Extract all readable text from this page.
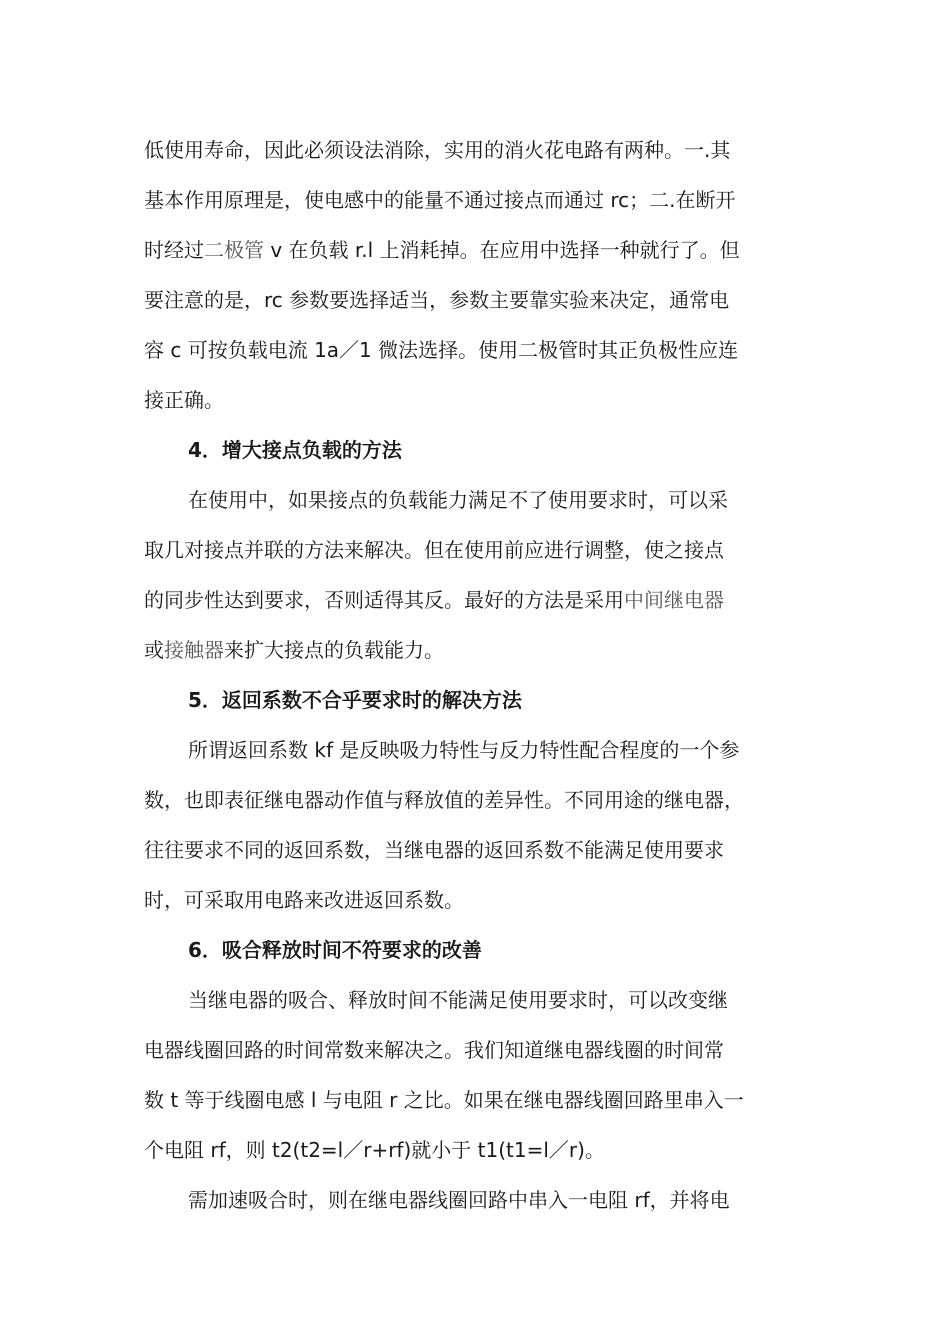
低使用寿命，因此必须设法消除，实用的消火花电路有两种。一.其
基本作用原理是，使电感中的能量不通过接点而通过 rc；二.在断开
时经过二极管 v 在负载 r.l 上消耗掉。在应用中选择一种就行了。但
要注意的是，rc 参数要选择适当，参数主要靠实验来决定，通常电
容 c 可按负载电流 1a／1 微法选择。使用二极管时其正负极性应连
接正确。
4．增大接点负载的方法
在使用中，如果接点的负载能力满足不了使用要求时，可以采
取几对接点并联的方法来解决。但在使用前应进行调整，使之接点
的同步性达到要求，否则适得其反。最好的方法是采用中间继电器
或接触器来扩大接点的负载能力。
5．返回系数不合乎要求时的解决方法
所谓返回系数 kf 是反映吸力特性与反力特性配合程度的一个参
数，也即表征继电器动作值与释放值的差异性。不同用途的继电器，
往往要求不同的返回系数，当继电器的返回系数不能满足使用要求
时，可采取用电路来改进返回系数。
6．吸合释放时间不符要求的改善
当继电器的吸合、释放时间不能满足使用要求时，可以改变继
电器线圈回路的时间常数来解决之。我们知道继电器线圈的时间常
数 t 等于线圈电感 l 与电阻 r 之比。如果在继电器线圈回路里串入一
个电阻 rf，则 t2(t2=l／r+rf)就小于 t1(t1=l／r)。
需加速吸合时，则在继电器线圈回路中串入一电阻 rf，并将电
